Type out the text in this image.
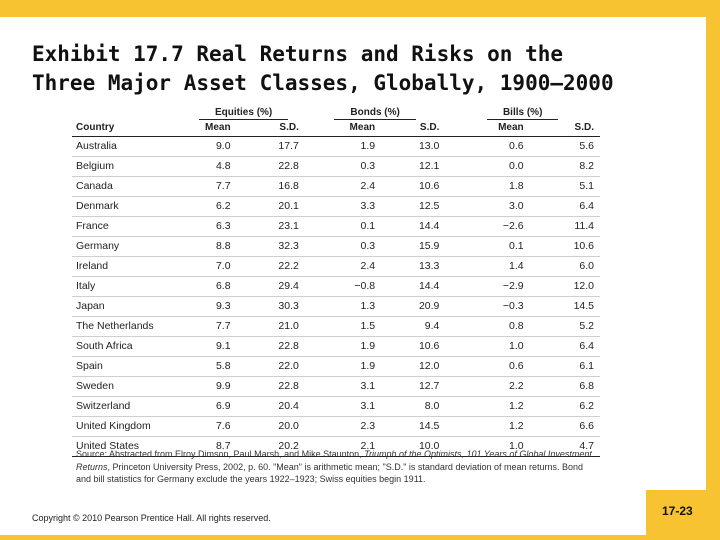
Exhibit 17.7 Real Returns and Risks on the
Three Major Asset Classes, Globally, 1900–2000
	Equities (%)		Bonds (%)		Bills (%)	
Country	Mean	S.D.	Mean	S.D.	Mean	S.D.
Australia	9.0	17.7	1.9	13.0	0.6	5.6
Belgium	4.8	22.8	0.3	12.1	0.0	8.2
Canada	7.7	16.8	2.4	10.6	1.8	5.1
Denmark	6.2	20.1	3.3	12.5	3.0	6.4
France	6.3	23.1	0.1	14.4	−2.6	11.4
Germany	8.8	32.3	0.3	15.9	0.1	10.6
Ireland	7.0	22.2	2.4	13.3	1.4	6.0
Italy	6.8	29.4	−0.8	14.4	−2.9	12.0
Japan	9.3	30.3	1.3	20.9	−0.3	14.5
The Netherlands	7.7	21.0	1.5	9.4	0.8	5.2
South Africa	9.1	22.8	1.9	10.6	1.0	6.4
Spain	5.8	22.0	1.9	12.0	0.6	6.1
Sweden	9.9	22.8	3.1	12.7	2.2	6.8
Switzerland	6.9	20.4	3.1	8.0	1.2	6.2
United Kingdom	7.6	20.0	2.3	14.5	1.2	6.6
United States	8.7	20.2	2.1	10.0	1.0	4.7

Source: Abstracted from Elroy Dimson, Paul Marsh, and Mike Staunton, Triumph of the Optimists, 101 Years of Global Investment Returns, Princeton University Press, 2002, p. 60. "Mean" is arithmetic mean; "S.D." is standard deviation of mean returns. Bond and bill statistics for Germany exclude the years 1922–1923; Swiss equities begin 1911.

Copyright © 2010 Pearson Prentice Hall. All rights reserved.	17-23
